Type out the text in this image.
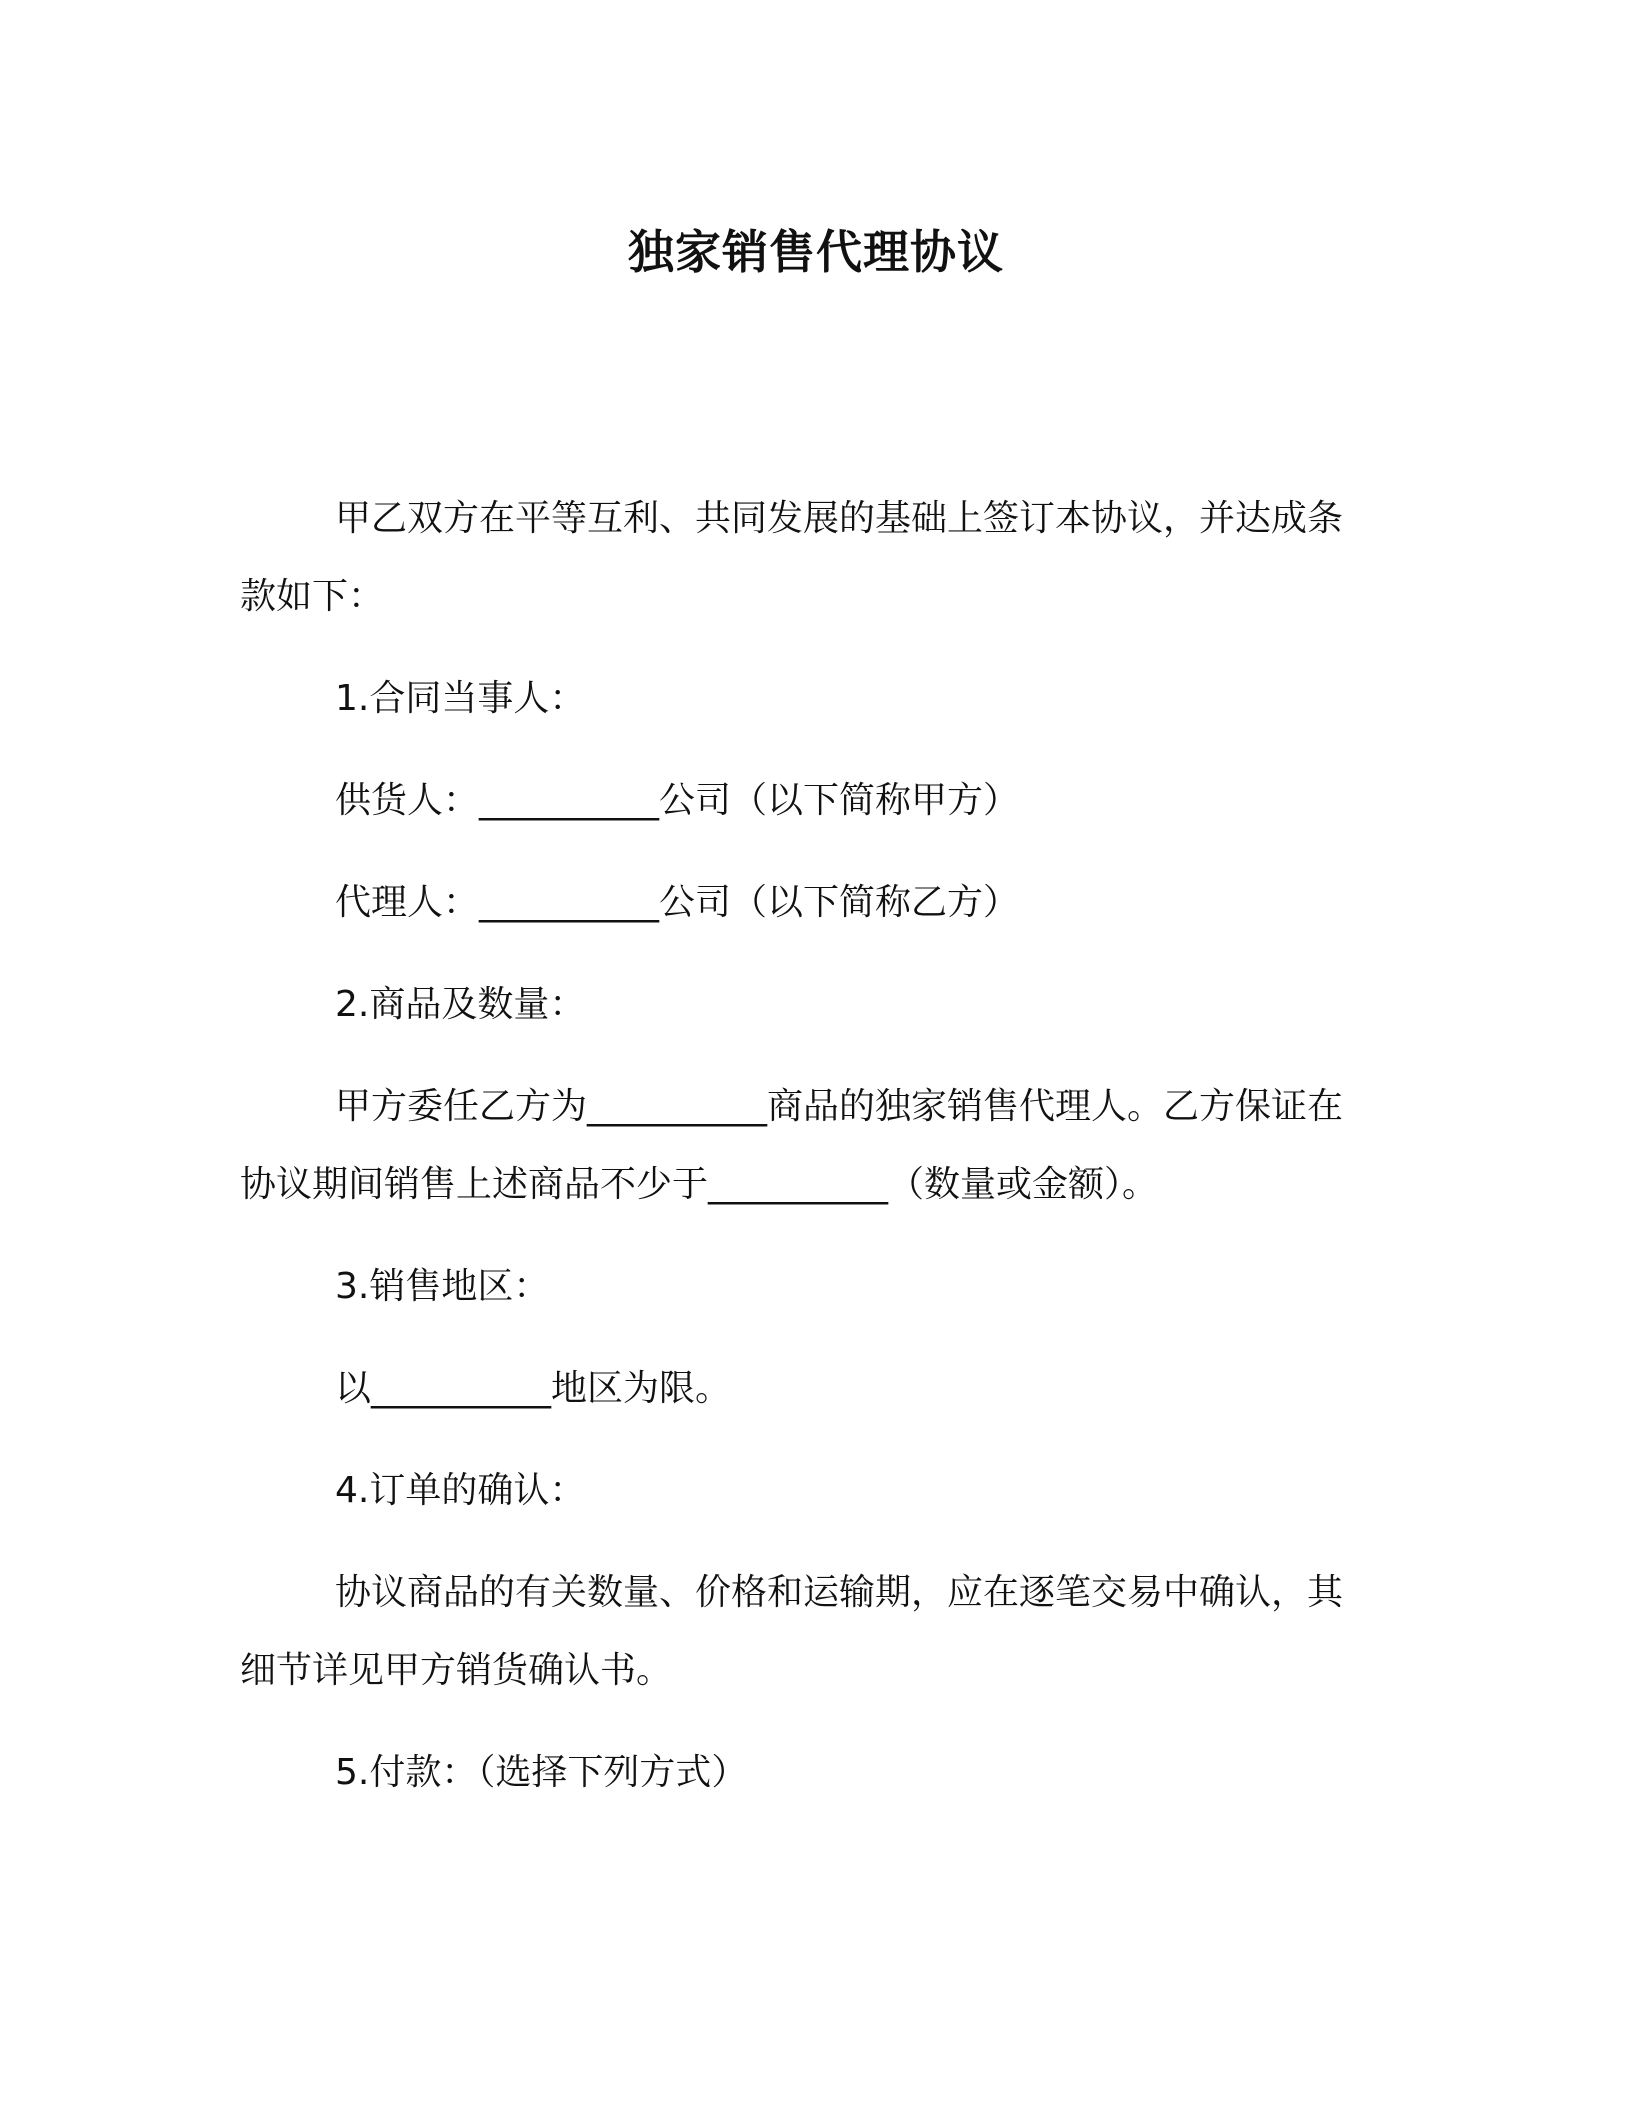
独家销售代理协议

甲乙双方在平等互利、共同发展的基础上签订本协议，并达成条

款如下：

1.合同当事人：

供货人：__________公司（以下简称甲方）

代理人：__________公司（以下简称乙方）

2.商品及数量：

甲方委任乙方为__________商品的独家销售代理人。乙方保证在

协议期间销售上述商品不少于__________（数量或金额）。

3.销售地区：

以__________地区为限。

4.订单的确认：

协议商品的有关数量、价格和运输期，应在逐笔交易中确认，其

细节详见甲方销货确认书。

5.付款：（选择下列方式）
